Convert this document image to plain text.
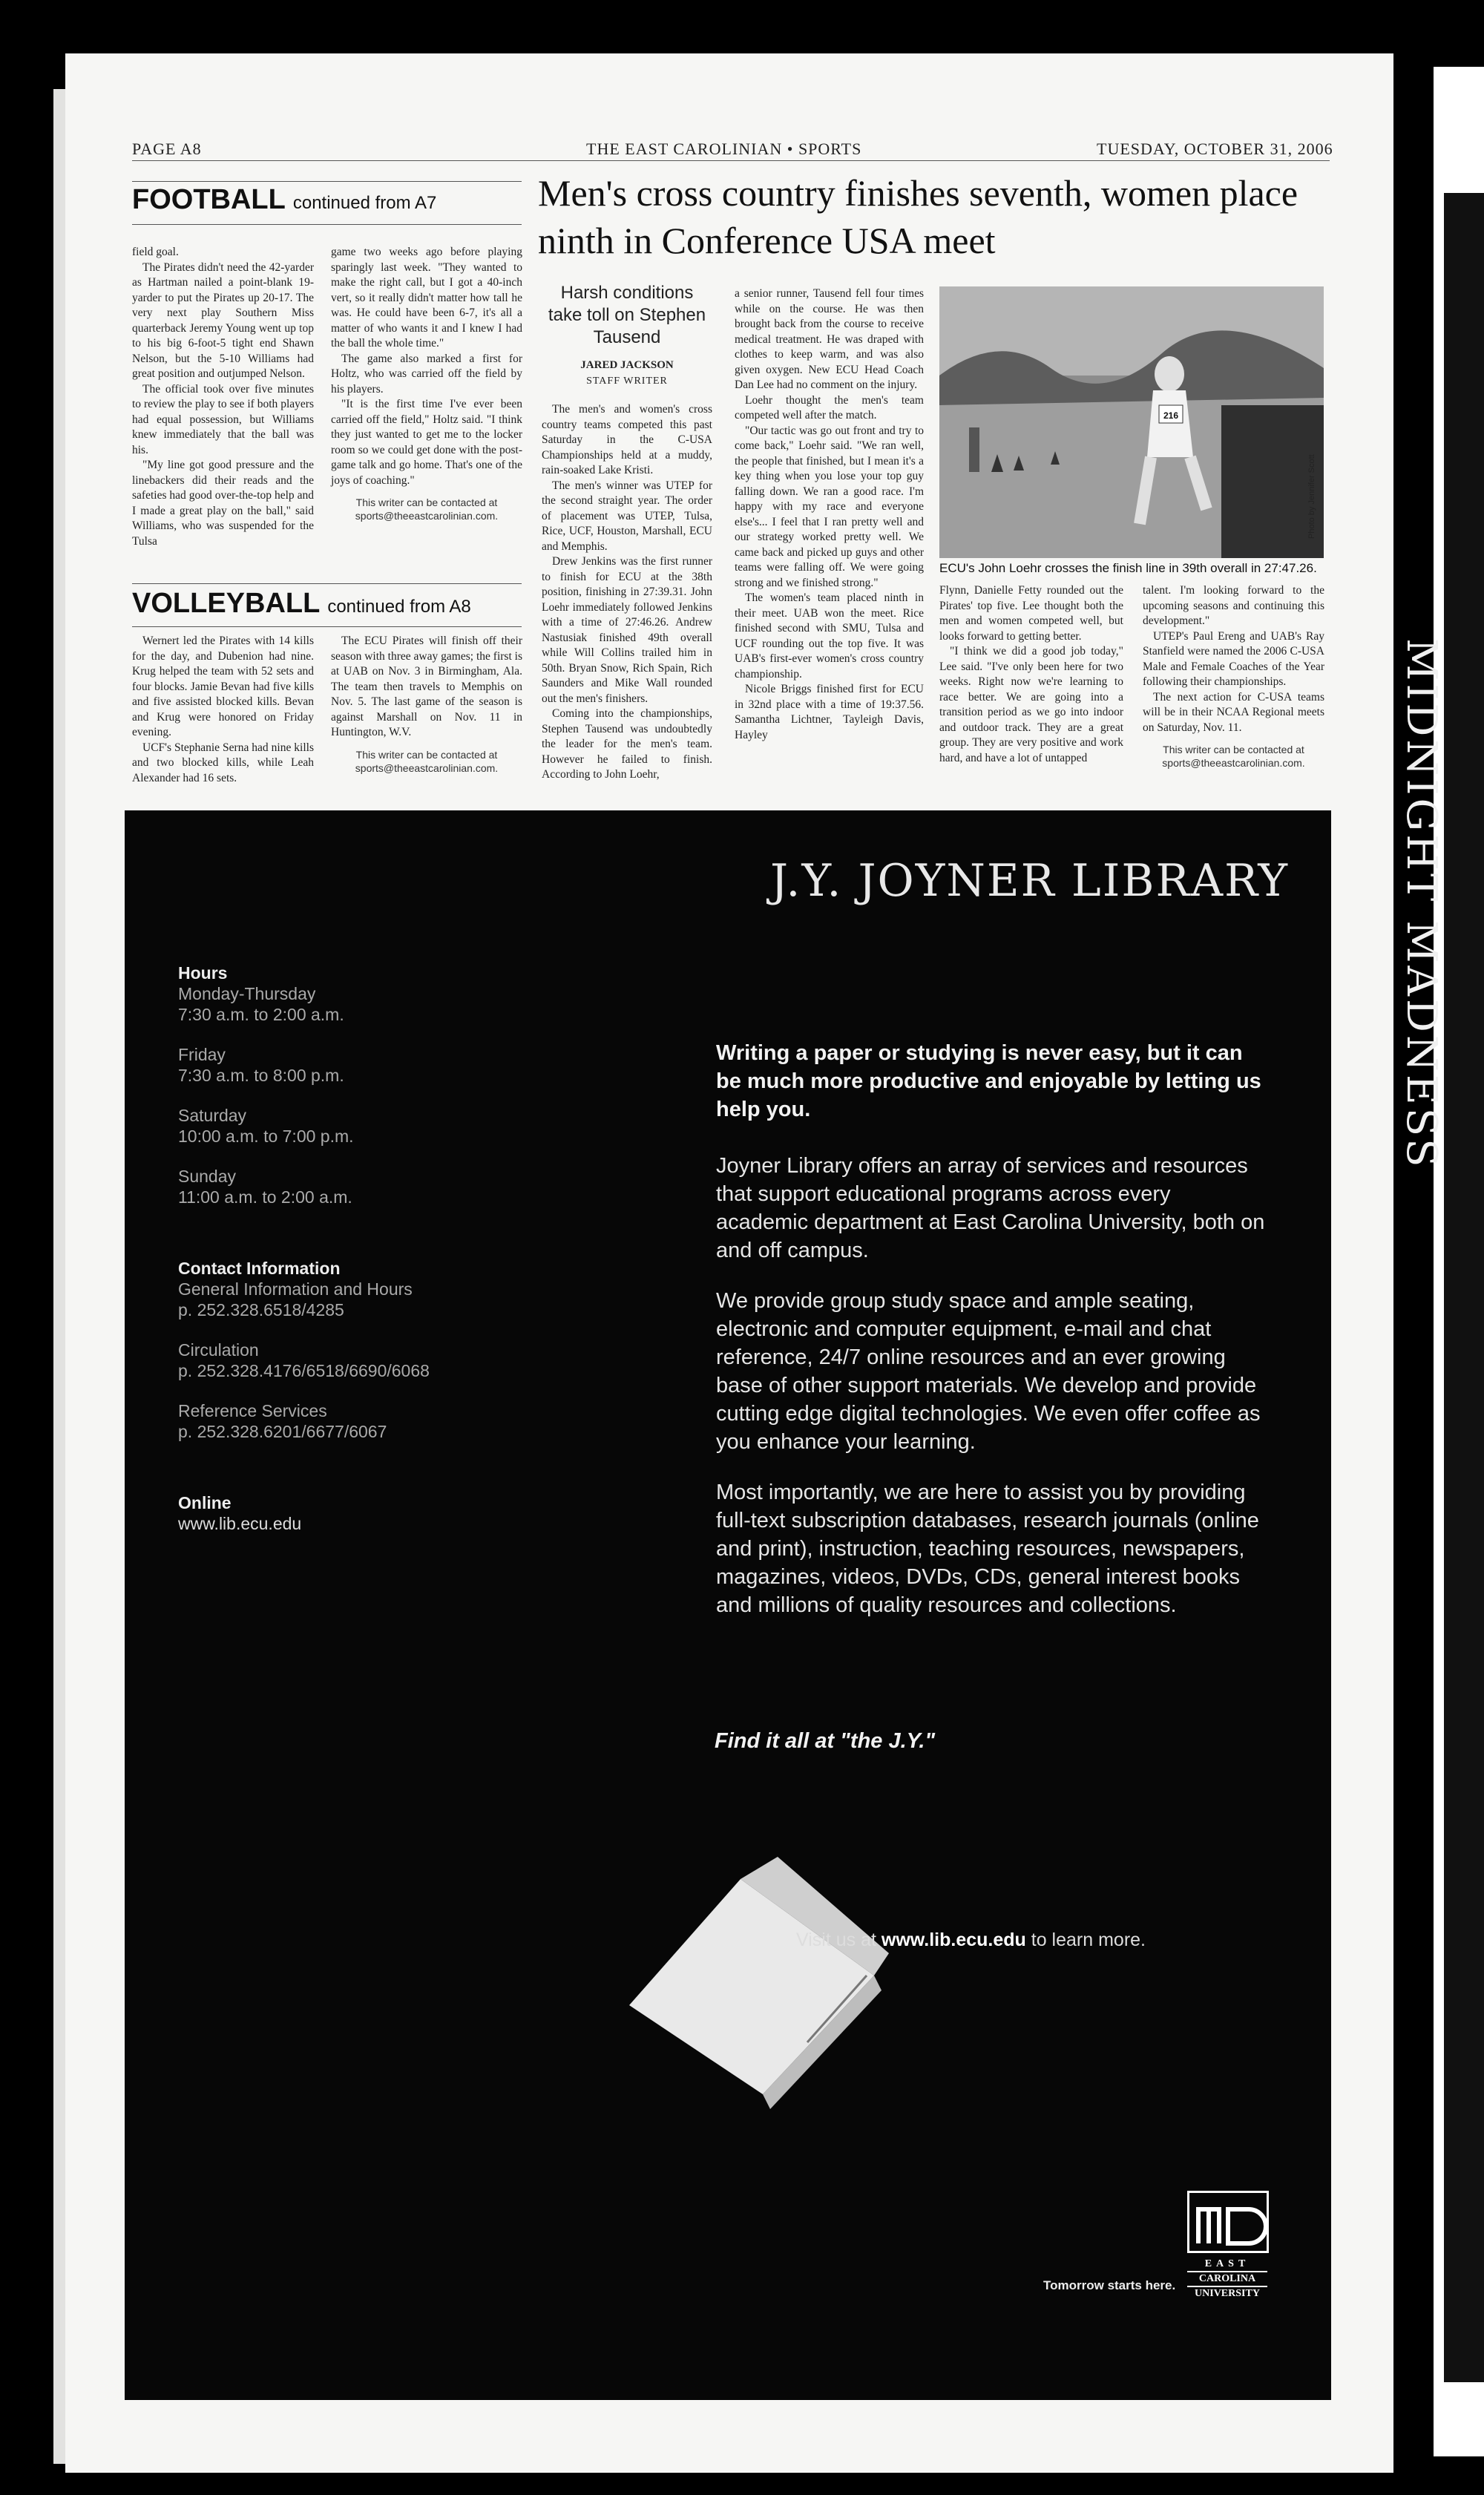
MIDNIGHT MADNESS
PAGE A8	THE EAST CAROLINIAN • SPORTS	TUESDAY, OCTOBER 31, 2006
FOOTBALL continued from A7

field goal.

The Pirates didn't need the 42-yarder as Hartman nailed a point-blank 19-yarder to put the Pirates up 20-17. The very next play Southern Miss quarterback Jeremy Young went up top to his big 6-foot-5 tight end Shawn Nelson, but the 5-10 Williams had great position and outjumped Nelson.

The official took over five minutes to review the play to see if both players had equal possession, but Williams knew immediately that the ball was his.

"My line got good pressure and the linebackers did their reads and the safeties had good over-the-top help and I made a great play on the ball," said Williams, who was suspended for the Tulsa

game two weeks ago before playing sparingly last week. "They wanted to make the right call, but I got a 40-inch vert, so it really didn't matter how tall he was. He could have been 6-7, it's all a matter of who wants it and I knew I had the ball the whole time."

The game also marked a first for Holtz, who was carried off the field by his players.

"It is the first time I've ever been carried off the field," Holtz said. "I think they just wanted to get me to the locker room so we could get done with the post-game talk and go home. That's one of the joys of coaching."

This writer can be contacted at sports@theeastcarolinian.com.
VOLLEYBALL continued from A8

Wernert led the Pirates with 14 kills for the day, and Dubenion had nine. Krug helped the team with 52 sets and four blocks. Jamie Bevan had five kills and five assisted blocked kills. Bevan and Krug were honored on Friday evening.

UCF's Stephanie Serna had nine kills and two blocked kills, while Leah Alexander had 16 sets.

The ECU Pirates will finish off their season with three away games; the first is at UAB on Nov. 3 in Birmingham, Ala. The team then travels to Memphis on Nov. 5. The last game of the season is against Marshall on Nov. 11 in Huntington, W.V.

This writer can be contacted at sports@theeastcarolinian.com.
Men's cross country finishes seventh, women place ninth in Conference USA meet
Harsh conditions take toll on Stephen Tausend
JARED JACKSON
STAFF WRITER

The men's and women's cross country teams competed this past Saturday in the C-USA Championships held at a muddy, rain-soaked Lake Kristi.

The men's winner was UTEP for the second straight year. The order of placement was UTEP, Tulsa, Rice, UCF, Houston, Marshall, ECU and Memphis.

Drew Jenkins was the first runner to finish for ECU at the 38th position, finishing in 27:39.31. John Loehr immediately followed Jenkins with a time of 27:46.26. Andrew Nastusiak finished 49th overall while Will Collins trailed him in 50th. Bryan Snow, Rich Spain, Rich Saunders and Mike Wall rounded out the men's finishers.

Coming into the championships, Stephen Tausend was undoubtedly the leader for the men's team. However he failed to finish. According to John Loehr,

a senior runner, Tausend fell four times while on the course. He was then brought back from the course to receive medical treatment. He was draped with clothes to keep warm, and was also given oxygen. New ECU Head Coach Dan Lee had no comment on the injury.

Loehr thought the men's team competed well after the match.

"Our tactic was go out front and try to come back," Loehr said. "We ran well, the people that finished, but I mean it's a key thing when you lose your top guy falling down. We ran a good race. I'm happy with my race and everyone else's... I feel that I ran pretty well and our strategy worked pretty well. We came back and picked up guys and other teams were falling off. We were going strong and we finished strong."

The women's team placed ninth in their meet. UAB won the meet. Rice finished second with SMU, Tulsa and UCF rounding out the top five. It was UAB's first-ever women's cross country championship.

Nicole Briggs finished first for ECU in 32nd place with a time of 19:37.56. Samantha Lichtner, Tayleigh Davis, Hayley

216
Photo by Jennifer Scott
ECU's John Loehr crosses the finish line in 39th overall in 27:47.26.

Flynn, Danielle Fetty rounded out the Pirates' top five. Lee thought both the men and women competed well, but looks forward to getting better.

"I think we did a good job today," Lee said. "I've only been here for two weeks. Right now we're learning to race better. We are going into a transition period as we go into indoor and outdoor track. They are a great group. They are very positive and work hard, and have a lot of untapped

talent. I'm looking forward to the upcoming seasons and continuing this development."

UTEP's Paul Ereng and UAB's Ray Stanfield were named the 2006 C-USA Male and Female Coaches of the Year following their championships.

The next action for C-USA teams will be in their NCAA Regional meets on Saturday, Nov. 11.

This writer can be contacted at sports@theeastcarolinian.com.
J.Y. JOYNER LIBRARY
Hours
Monday-Thursday
7:30 a.m. to 2:00 a.m.
Friday
7:30 a.m. to 8:00 p.m.
Saturday
10:00 a.m. to 7:00 p.m.
Sunday
11:00 a.m. to 2:00 a.m.
Contact Information
General Information and Hours
p. 252.328.6518/4285
Circulation
p. 252.328.4176/6518/6690/6068
Reference Services
p. 252.328.6201/6677/6067
Online
www.lib.ecu.edu
Writing a paper or studying is never easy, but it can be much more productive and enjoyable by letting us help you.

Joyner Library offers an array of services and resources that support educational programs across every academic department at East Carolina University, both on and off campus.

We provide group study space and ample seating, electronic and computer equipment, e-mail and chat reference, 24/7 online resources and an ever growing base of other support materials. We develop and provide cutting edge digital technologies. We even offer coffee as you enhance your learning.

Most importantly, we are here to assist you by providing full-text subscription databases, research journals (online and print), instruction, teaching resources, newspapers, magazines, videos, DVDs, CDs, general interest books and millions of quality resources and collections.

Find it all at "the J.Y."
Visit us at www.lib.ecu.edu to learn more.
Tomorrow starts here.
EAST
CAROLINA
UNIVERSITY
